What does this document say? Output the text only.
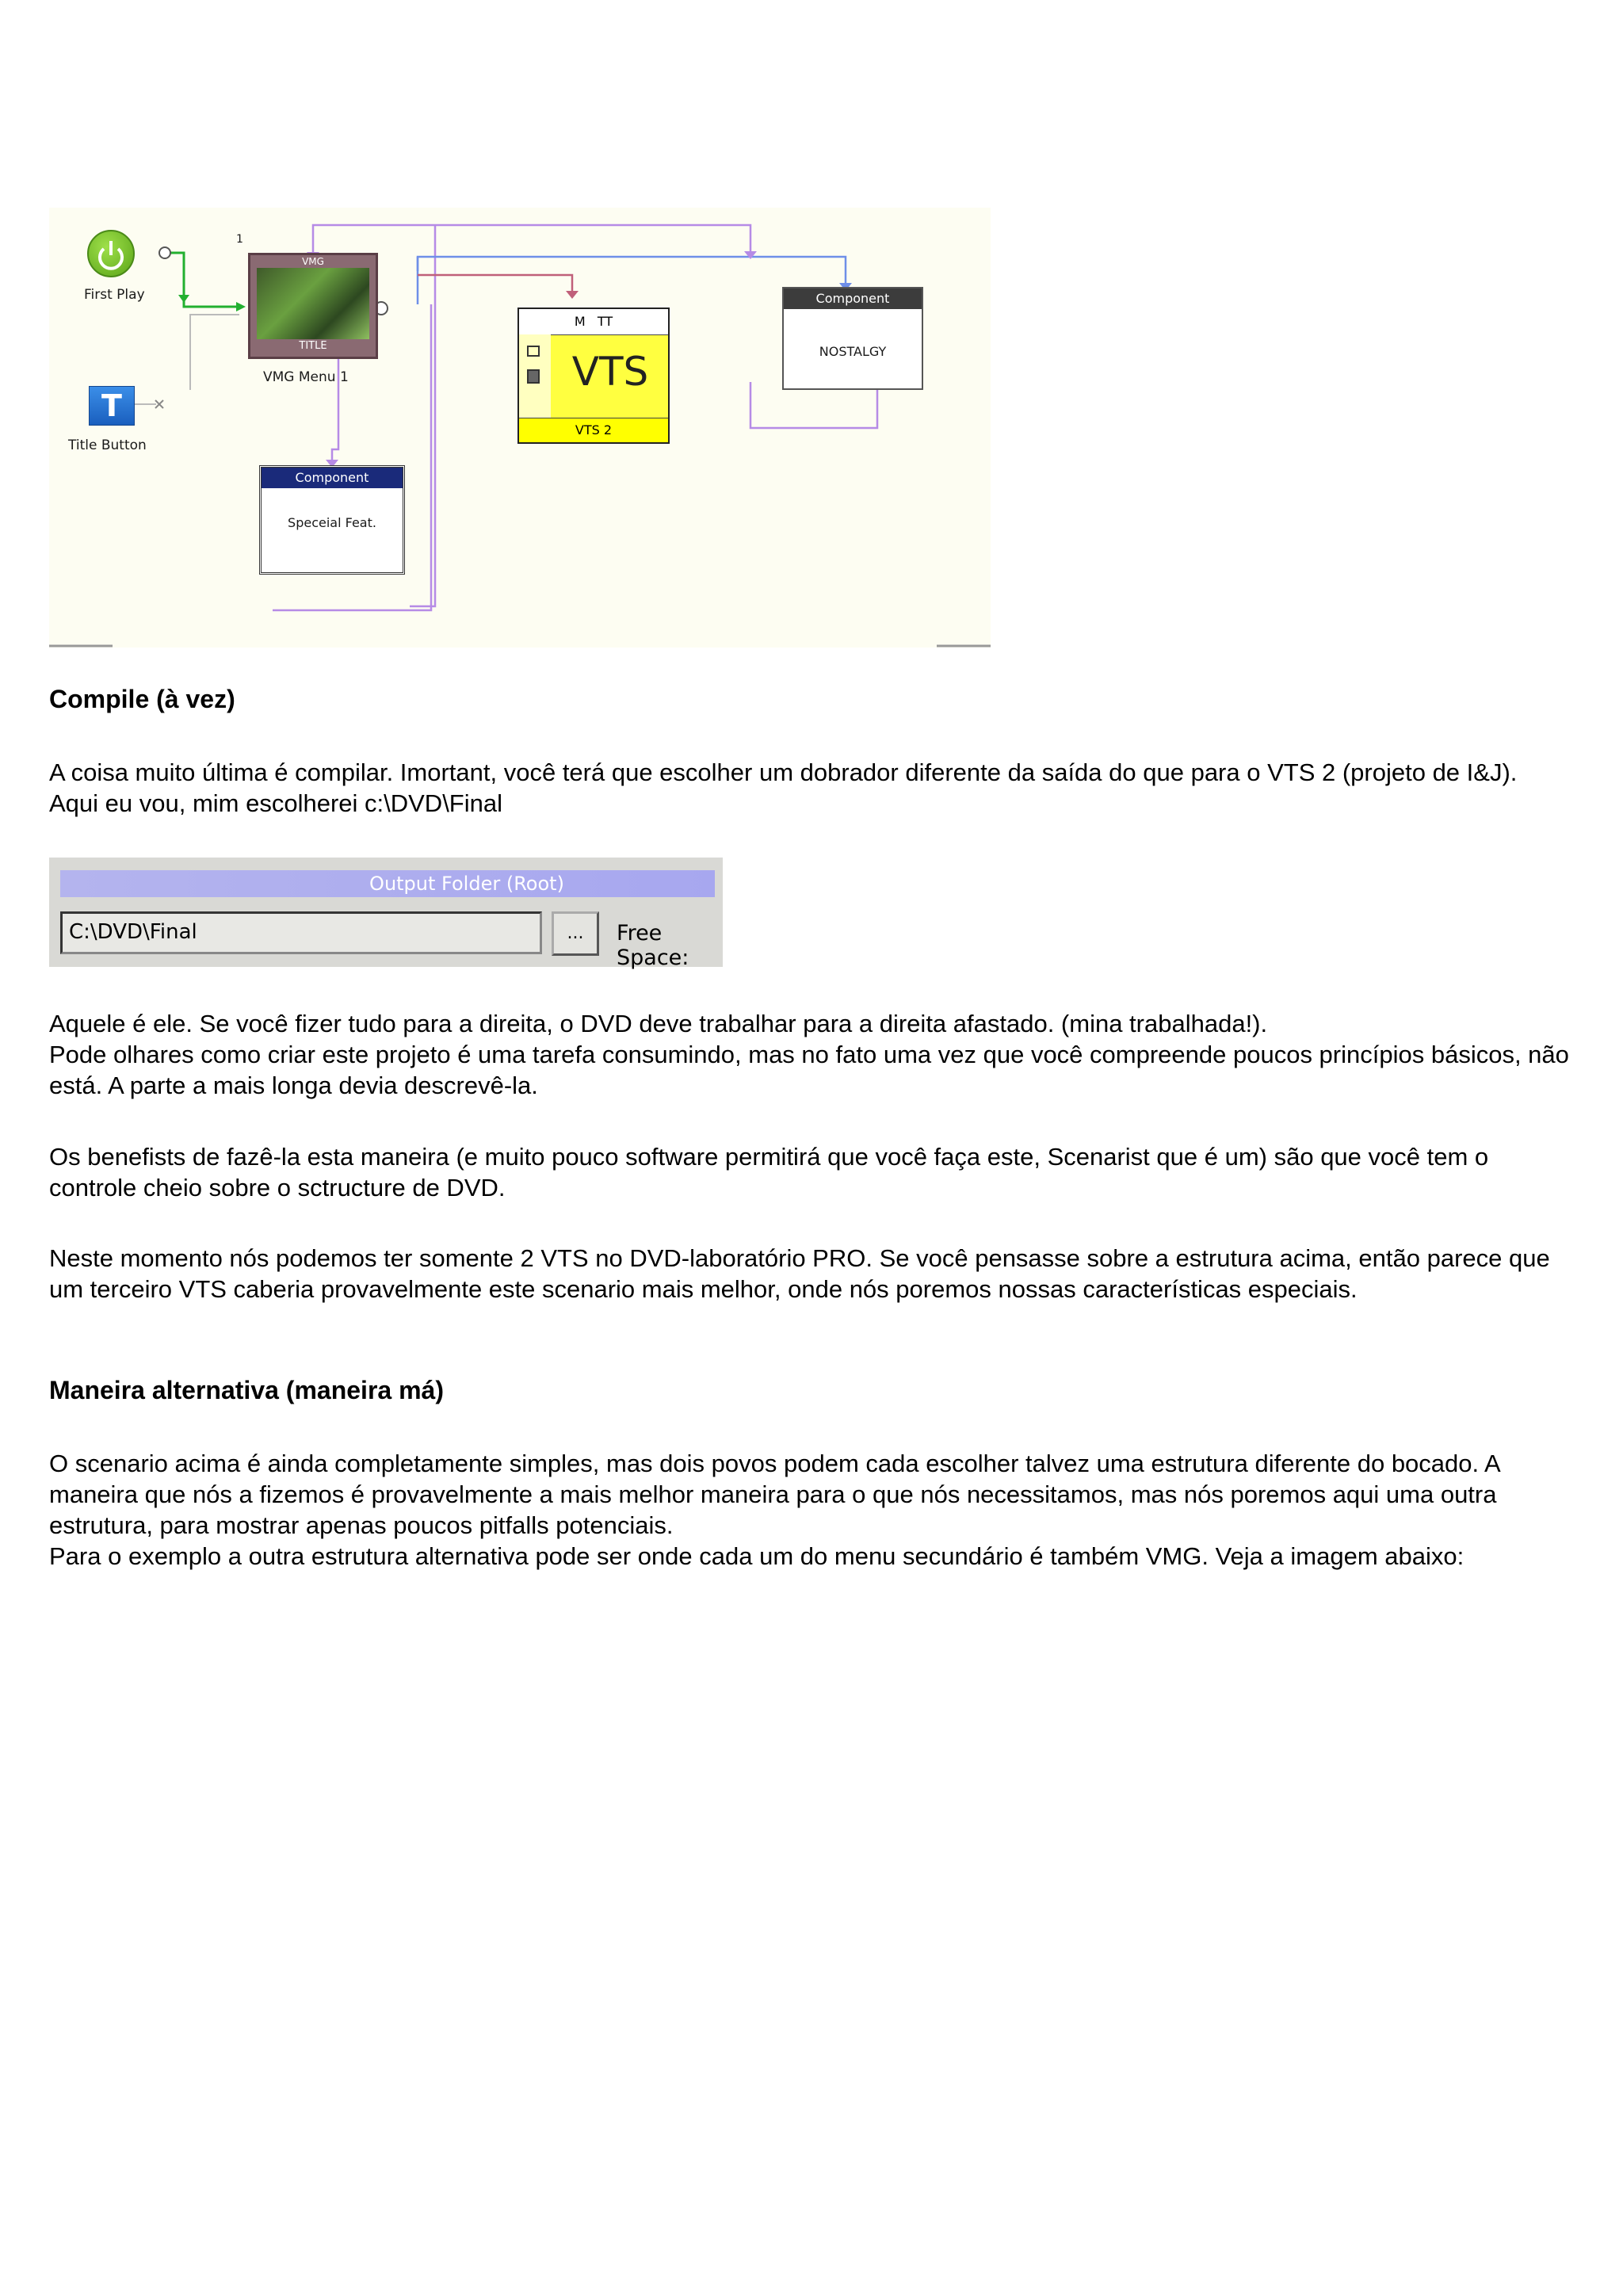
First Play
T
Title Button
1
VMG
TITLE
VMG Menu 1
M   TT
VTS
VTS 2
Component
NOSTALGY
Component
Speceial Feat.
Compile (à vez)

A coisa muito última é compilar. Imortant, você terá que escolher um dobrador diferente da saída do que para o VTS 2 (projeto de I&J). Aqui eu vou, mim escolherei c:\DVD\Final

Output Folder (Root)
C:\DVD\Final	...	Free Space:

Aquele é ele. Se você fizer tudo para a direita, o DVD deve trabalhar para a direita afastado. (mina trabalhada!).

Pode olhares como criar este projeto é uma tarefa consumindo, mas no fato uma vez que você compreende poucos princípios básicos, não está. A parte a mais longa devia descrevê-la.

Os benefists de fazê-la esta maneira (e muito pouco software permitirá que você faça este, Scenarist que é um) são que você tem o controle cheio sobre o sctructure de DVD.

Neste momento nós podemos ter somente 2 VTS no DVD-laboratório PRO. Se você pensasse sobre a estrutura acima, então parece que um terceiro VTS caberia provavelmente este scenario mais melhor, onde nós poremos nossas características especiais.

Maneira alternativa (maneira má)

O scenario acima é ainda completamente simples, mas dois povos podem cada escolher talvez uma estrutura diferente do bocado. A maneira que nós a fizemos é provavelmente a mais melhor maneira para o que nós necessitamos, mas nós poremos aqui uma outra estrutura, para mostrar apenas poucos pitfalls potenciais.

Para o exemplo a outra estrutura alternativa pode ser onde cada um do menu secundário é também VMG. Veja a imagem abaixo:
